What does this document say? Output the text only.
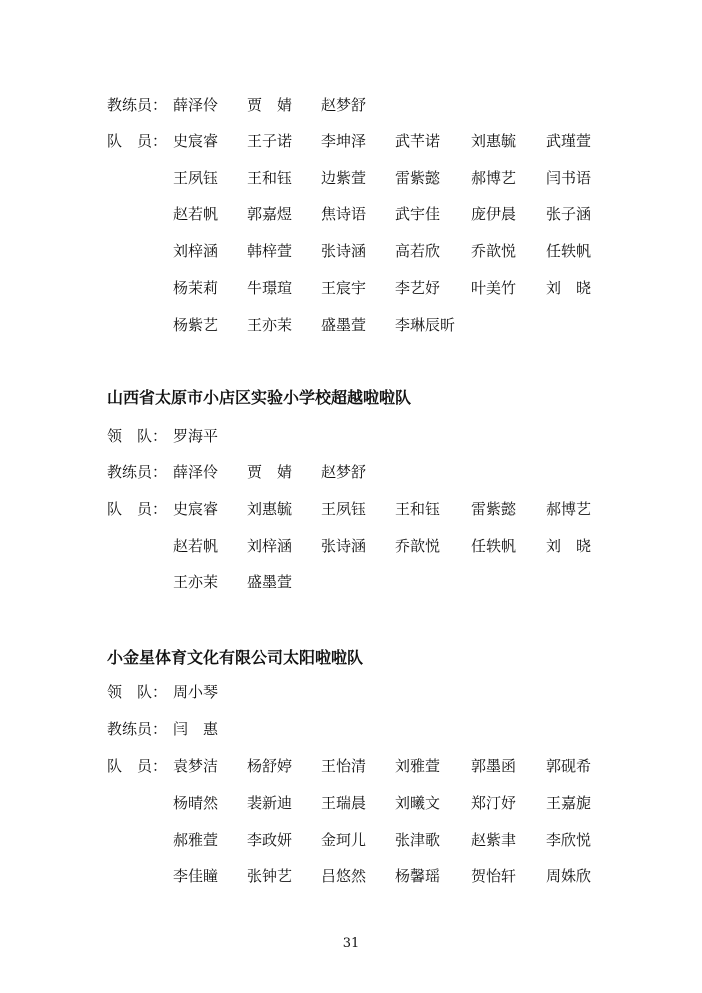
教练员： 薛泽伶	贾　婧	赵梦舒
队　员： 史宸睿	王子诺	李坤泽	武芊诺	刘惠毓	武瑾萱
王夙钰	王和钰	边紫萱	雷紫懿	郝博艺	闫书语
赵若帆	郭嘉煜	焦诗语	武宇佳	庞伊晨	张子涵
刘梓涵	韩梓萱	张诗涵	高若欣	乔歆悦	任轶帆
杨茉莉	牛璟瑄	王宸宇	李艺妤	叶美竹	刘　晓
杨紫艺	王亦茉	盛墨萱	李琳辰昕
山西省太原市小店区实验小学校超越啦啦队
领　队： 罗海平
教练员： 薛泽伶	贾　婧	赵梦舒
队　员： 史宸睿	刘惠毓	王夙钰	王和钰	雷紫懿	郝博艺
赵若帆	刘梓涵	张诗涵	乔歆悦	任轶帆	刘　晓
王亦茉	盛墨萱
小金星体育文化有限公司太阳啦啦队
领　队： 周小琴
教练员： 闫　惠
队　员： 袁梦洁	杨舒婷	王怡清	刘雅萱	郭墨函	郭砚希
杨晴然	裴新迪	王瑞晨	刘曦文	郑汀妤	王嘉旎
郝雅萱	李政妍	金珂儿	张津歌	赵紫聿	李欣悦
李佳瞳	张钟艺	吕悠然	杨馨瑶	贺怡轩	周姝欣
31
